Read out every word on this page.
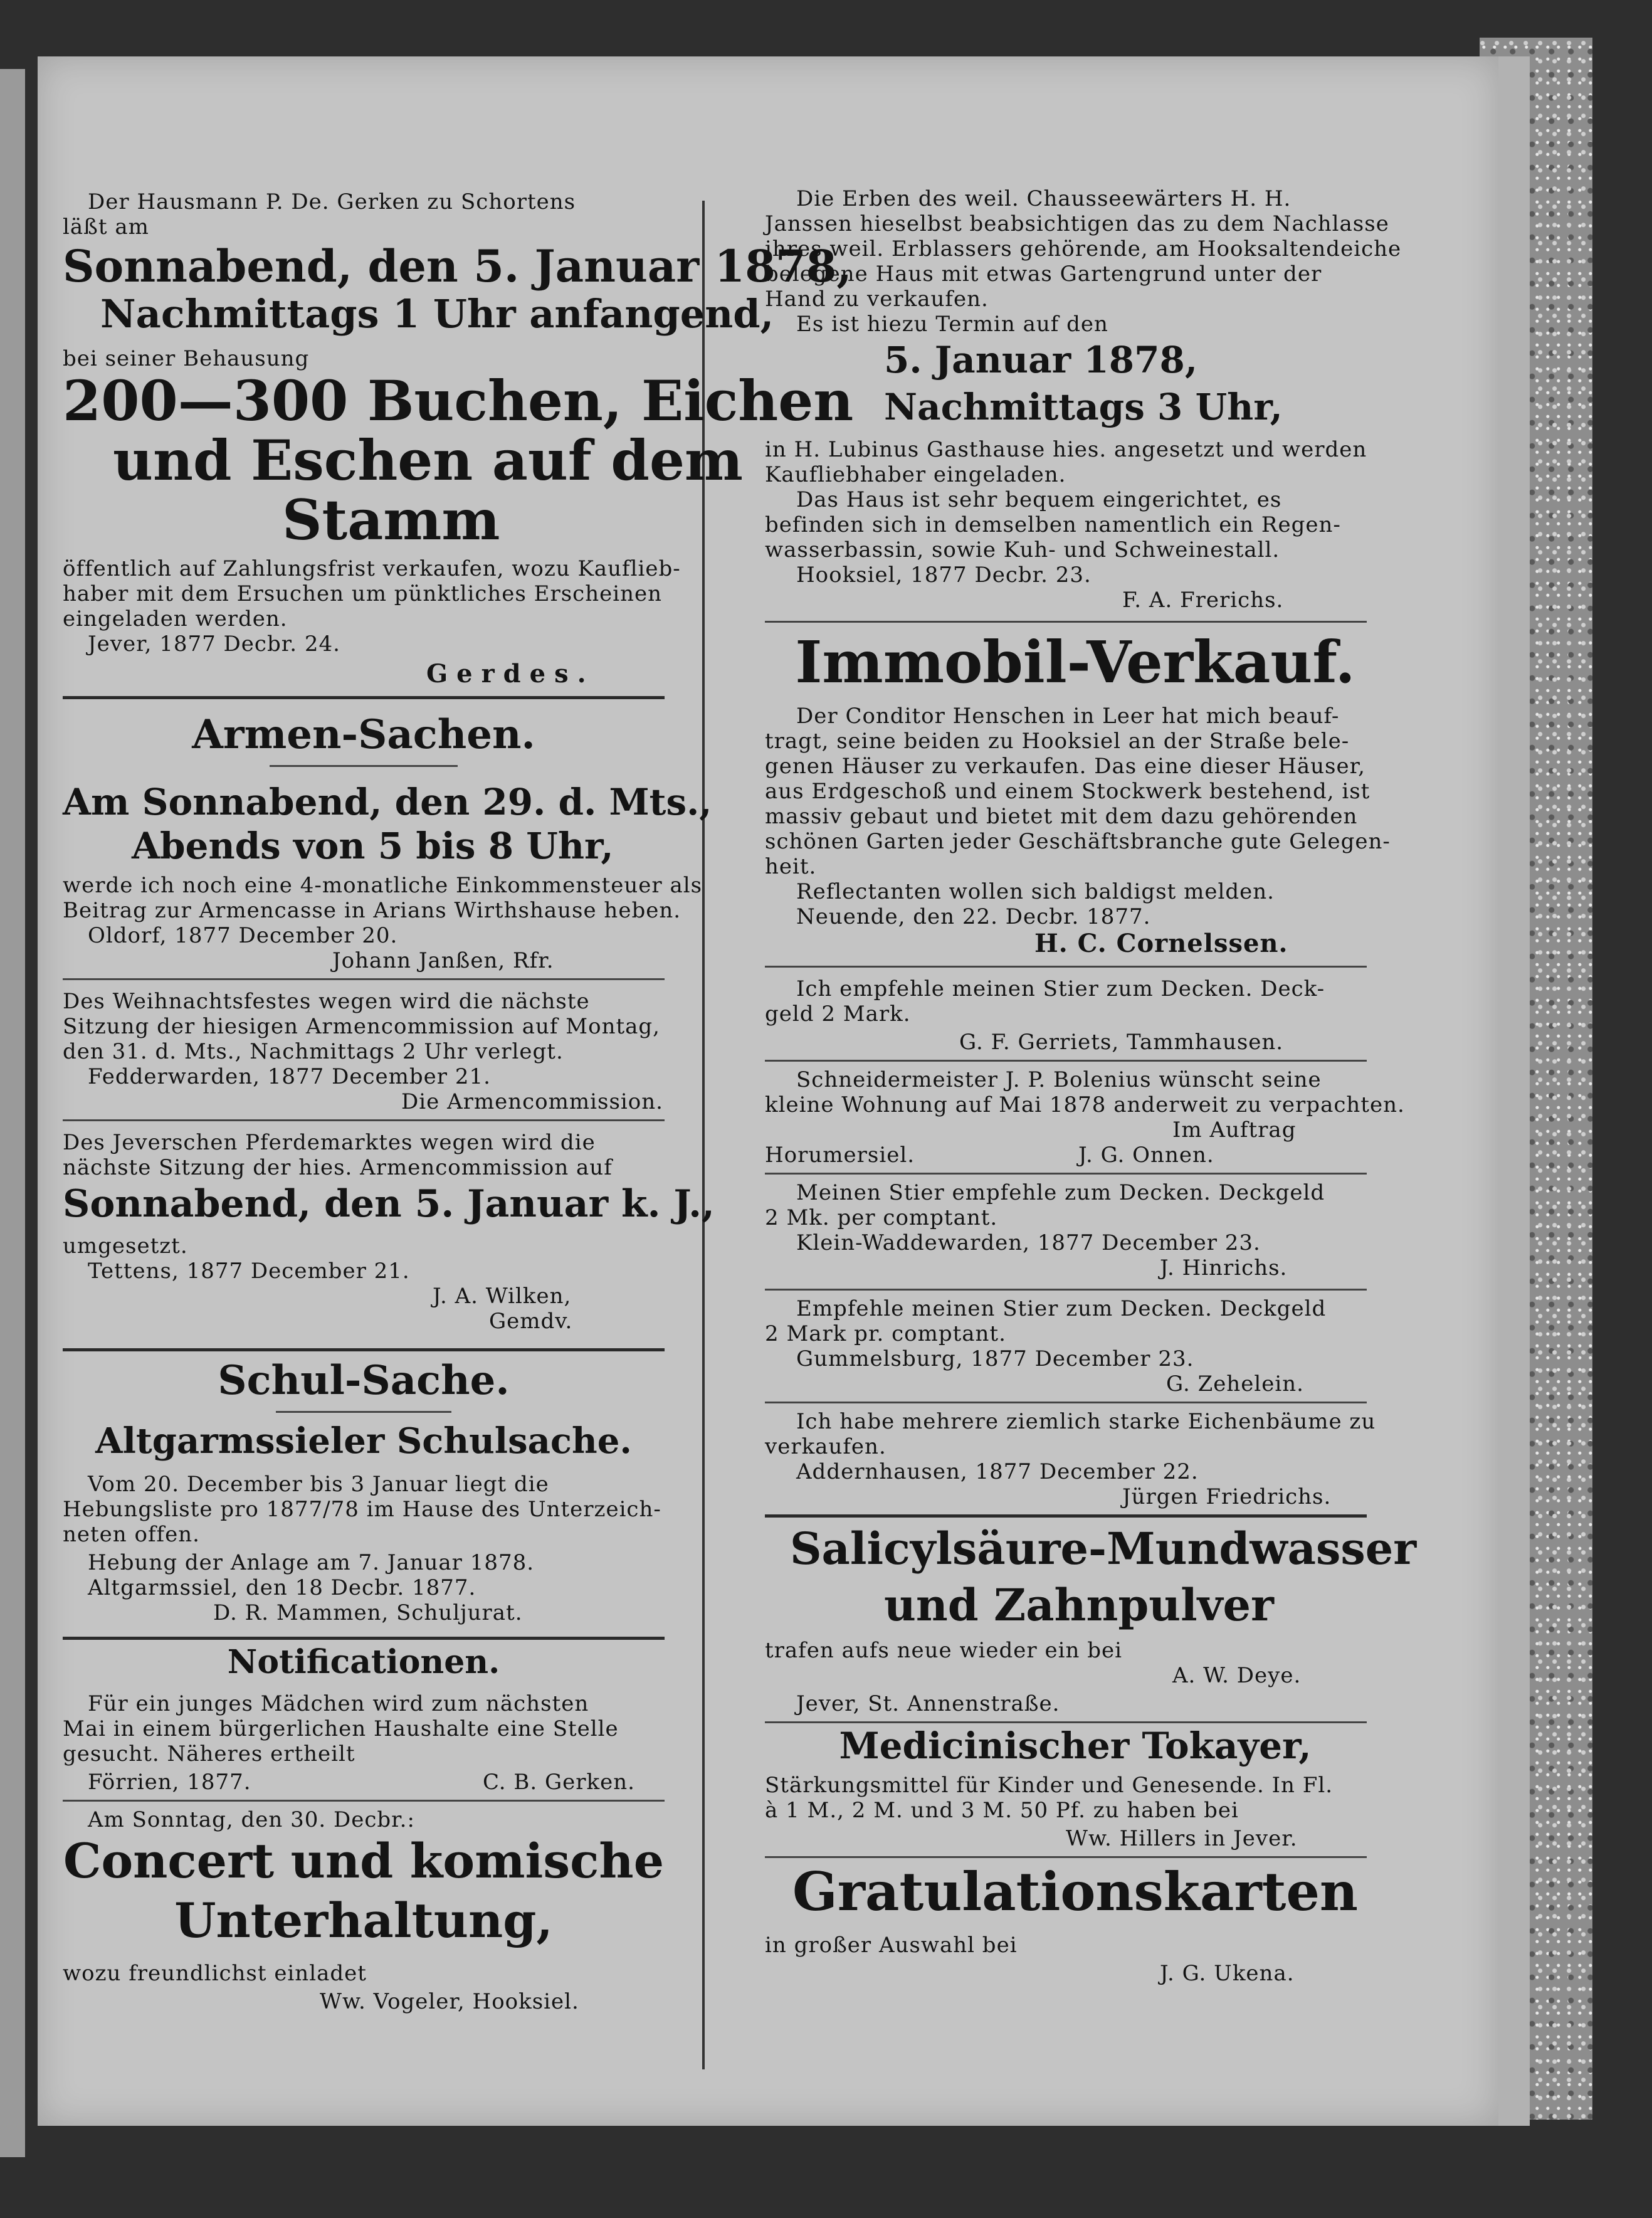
Der Hausmann P. De. Gerken zu Schortens
läßt am
Sonnabend, den 5. Januar 1878,
Nachmittags 1 Uhr anfangend,
bei seiner Behausung
200—300 Buchen, Eichen
und Eschen auf dem
Stamm
öffentlich auf Zahlungsfrist verkaufen, wozu Kauflieb-
haber mit dem Ersuchen um pünktliches Erscheinen
eingeladen werden.
Jever, 1877 Decbr. 24.
Gerdes.
Armen-Sachen.
Am Sonnabend, den 29. d. Mts.,
Abends von 5 bis 8 Uhr,
werde ich noch eine 4-monatliche Einkommensteuer als
Beitrag zur Armencasse in Arians Wirthshause heben.
Oldorf, 1877 December 20.
Johann Janßen, Rfr.
Des Weihnachtsfestes wegen wird die nächste
Sitzung der hiesigen Armencommission auf Montag,
den 31. d. Mts., Nachmittags 2 Uhr verlegt.
Fedderwarden, 1877 December 21.
Die Armencommission.
Des Jeverschen Pferdemarktes wegen wird die
nächste Sitzung der hies. Armencommission auf
Sonnabend, den 5. Januar k. J.,
umgesetzt.
Tettens, 1877 December 21.
J. A. Wilken,
Gemdv.
Schul-Sache.
Altgarmssieler Schulsache.
Vom 20. December bis 3 Januar liegt die
Hebungsliste pro 1877/78 im Hause des Unterzeich-
neten offen.
Hebung der Anlage am 7. Januar 1878.
Altgarmssiel, den 18 Decbr. 1877.
D. R. Mammen, Schuljurat.
Notificationen.
Für ein junges Mädchen wird zum nächsten
Mai in einem bürgerlichen Haushalte eine Stelle
gesucht. Näheres ertheilt
Förrien, 1877.	C. B. Gerken.
Am Sonntag, den 30. Decbr.:
Concert und komische
Unterhaltung,
wozu freundlichst einladet
Ww. Vogeler, Hooksiel.
Die Erben des weil. Chausseewärters H. H.
Janssen hieselbst beabsichtigen das zu dem Nachlasse
ihres weil. Erblassers gehörende, am Hooksaltendeiche
belegene Haus mit etwas Gartengrund unter der
Hand zu verkaufen.
Es ist hiezu Termin auf den
5. Januar 1878,
Nachmittags 3 Uhr,
in H. Lubinus Gasthause hies. angesetzt und werden
Kaufliebhaber eingeladen.
Das Haus ist sehr bequem eingerichtet, es
befinden sich in demselben namentlich ein Regen-
wasserbassin, sowie Kuh- und Schweinestall.
Hooksiel, 1877 Decbr. 23.
F. A. Frerichs.
Immobil-Verkauf.
Der Conditor Henschen in Leer hat mich beauf-
tragt, seine beiden zu Hooksiel an der Straße bele-
genen Häuser zu verkaufen. Das eine dieser Häuser,
aus Erdgeschoß und einem Stockwerk bestehend, ist
massiv gebaut und bietet mit dem dazu gehörenden
schönen Garten jeder Geschäftsbranche gute Gelegen-
heit.
Reflectanten wollen sich baldigst melden.
Neuende, den 22. Decbr. 1877.
H. C. Cornelssen.
Ich empfehle meinen Stier zum Decken. Deck-
geld 2 Mark.
G. F. Gerriets, Tammhausen.
Schneidermeister J. P. Bolenius wünscht seine
kleine Wohnung auf Mai 1878 anderweit zu verpachten.
Im Auftrag
Horumersiel.	J. G. Onnen.
Meinen Stier empfehle zum Decken. Deckgeld
2 Mk. per comptant.
Klein-Waddewarden, 1877 December 23.
J. Hinrichs.
Empfehle meinen Stier zum Decken. Deckgeld
2 Mark pr. comptant.
Gummelsburg, 1877 December 23.
G. Zehelein.
Ich habe mehrere ziemlich starke Eichenbäume zu
verkaufen.
Addernhausen, 1877 December 22.
Jürgen Friedrichs.
Salicylsäure-Mundwasser
und Zahnpulver
trafen aufs neue wieder ein bei
A. W. Deye.
Jever, St. Annenstraße.
Medicinischer Tokayer,
Stärkungsmittel für Kinder und Genesende. In Fl.
à 1 M., 2 M. und 3 M. 50 Pf. zu haben bei
Ww. Hillers in Jever.
Gratulationskarten
in großer Auswahl bei
J. G. Ukena.
